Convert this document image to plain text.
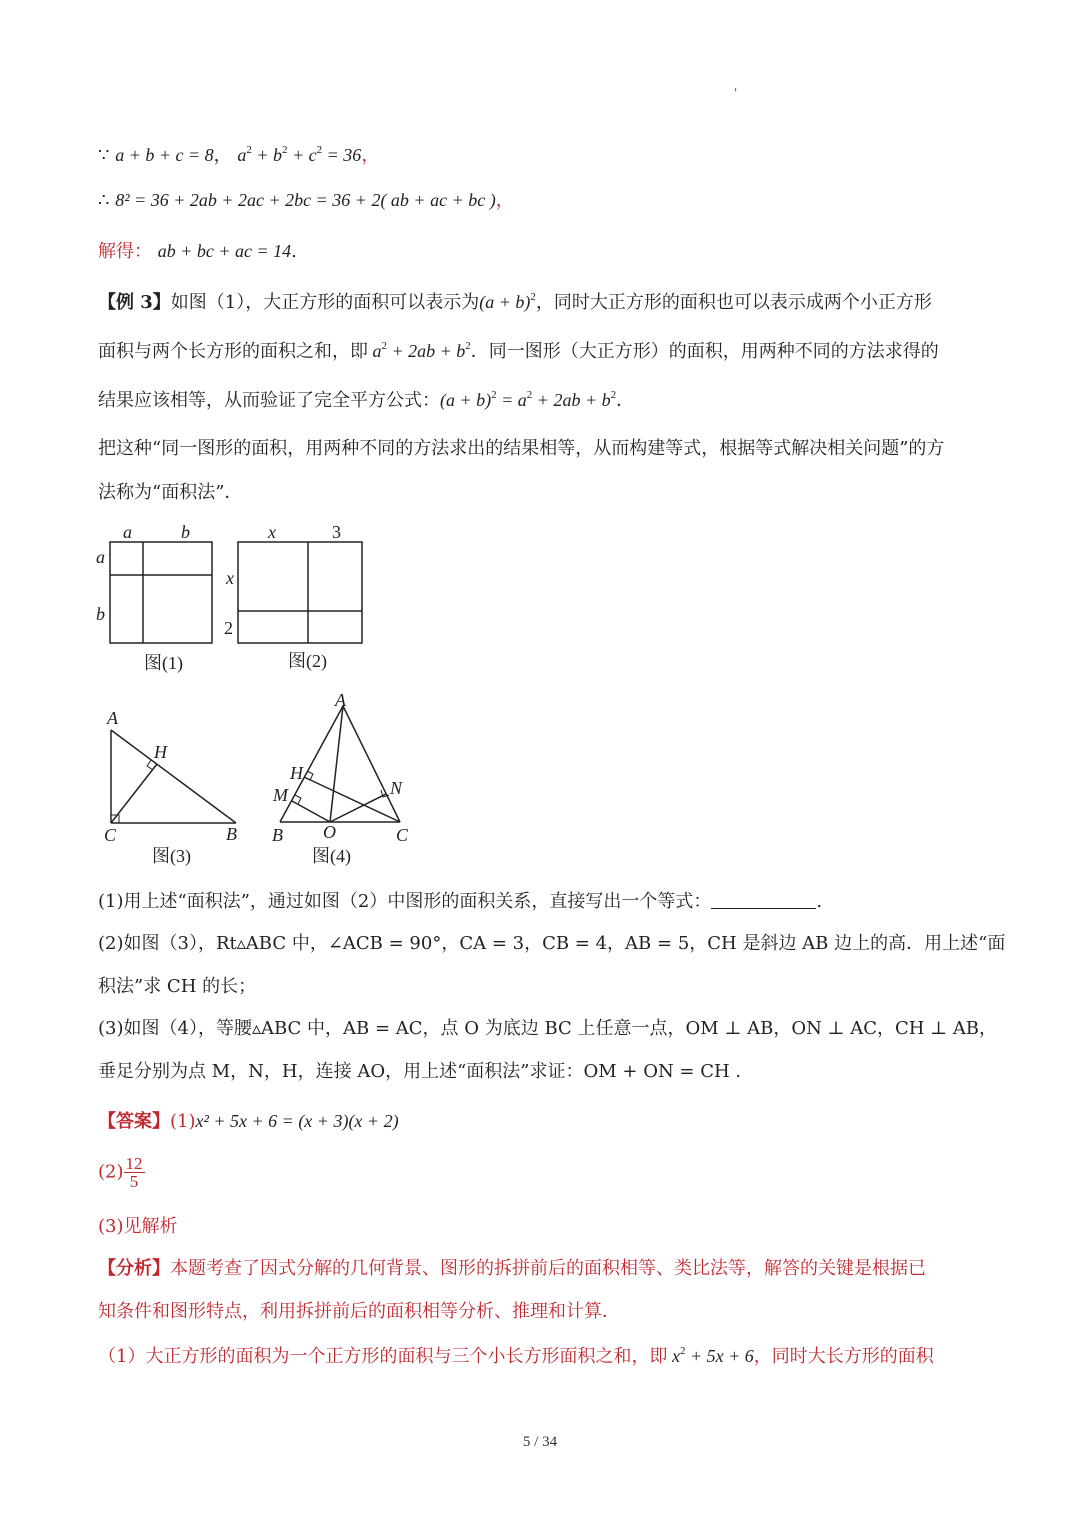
'
∵ a + b + c = 8， $a^2 + b^2 + c^2 = 36$，
∴ 8² = 36 + 2ab + 2ac + 2bc = 36 + 2( ab + ac + bc )，
解得： ab + bc + ac = 14.
【例 3】如图（1），大正方形的面积可以表示为$(a + b)^2$，同时大正方形的面积也可以表示成两个小正方形
面积与两个长方形的面积之和，即 $a^2 + 2ab + b^2$．同一图形（大正方形）的面积，用两种不同的方法求得的
结果应该相等，从而验证了完全平方公式：$(a + b)^2 = a^2 + 2ab + b^2$．
把这种“同一图形的面积，用两种不同的方法求出的结果相等，从而构建等式，根据等式解决相关问题”的方
法称为“面积法”．
a	b
a
b
图(1)
x	3
x
2
图(2)
A
H
C	B
图(3)
A
H
M	N
B O	C
图(4)
(1)用上述“面积法”，通过如图（2）中图形的面积关系，直接写出一个等式：	.
(2)如图（3），Rt▵ABC 中，∠ACB = 90°，CA = 3，CB = 4，AB = 5，CH 是斜边 AB 边上的高．用上述“面
积法”求 CH 的长；
(3)如图（4），等腰▵ABC 中，AB = AC，点 O 为底边 BC 上任意一点，OM ⊥ AB，ON ⊥ AC，CH ⊥ AB，
垂足分别为点 M，N，H，连接 AO，用上述“面积法”求证：OM + ON = CH .
【答案】(1)x² + 5x + 6 = (x + 3)(x + 2)
$(2) \frac{12}{5}$
(3)见解析
【分析】本题考查了因式分解的几何背景、图形的拆拼前后的面积相等、类比法等，解答的关键是根据已
知条件和图形特点，利用拆拼前后的面积相等分析、推理和计算．
（1）大正方形的面积为一个正方形的面积与三个小长方形面积之和，即 $x^2 + 5x + 6$，同时大长方形的面积
5 / 34
